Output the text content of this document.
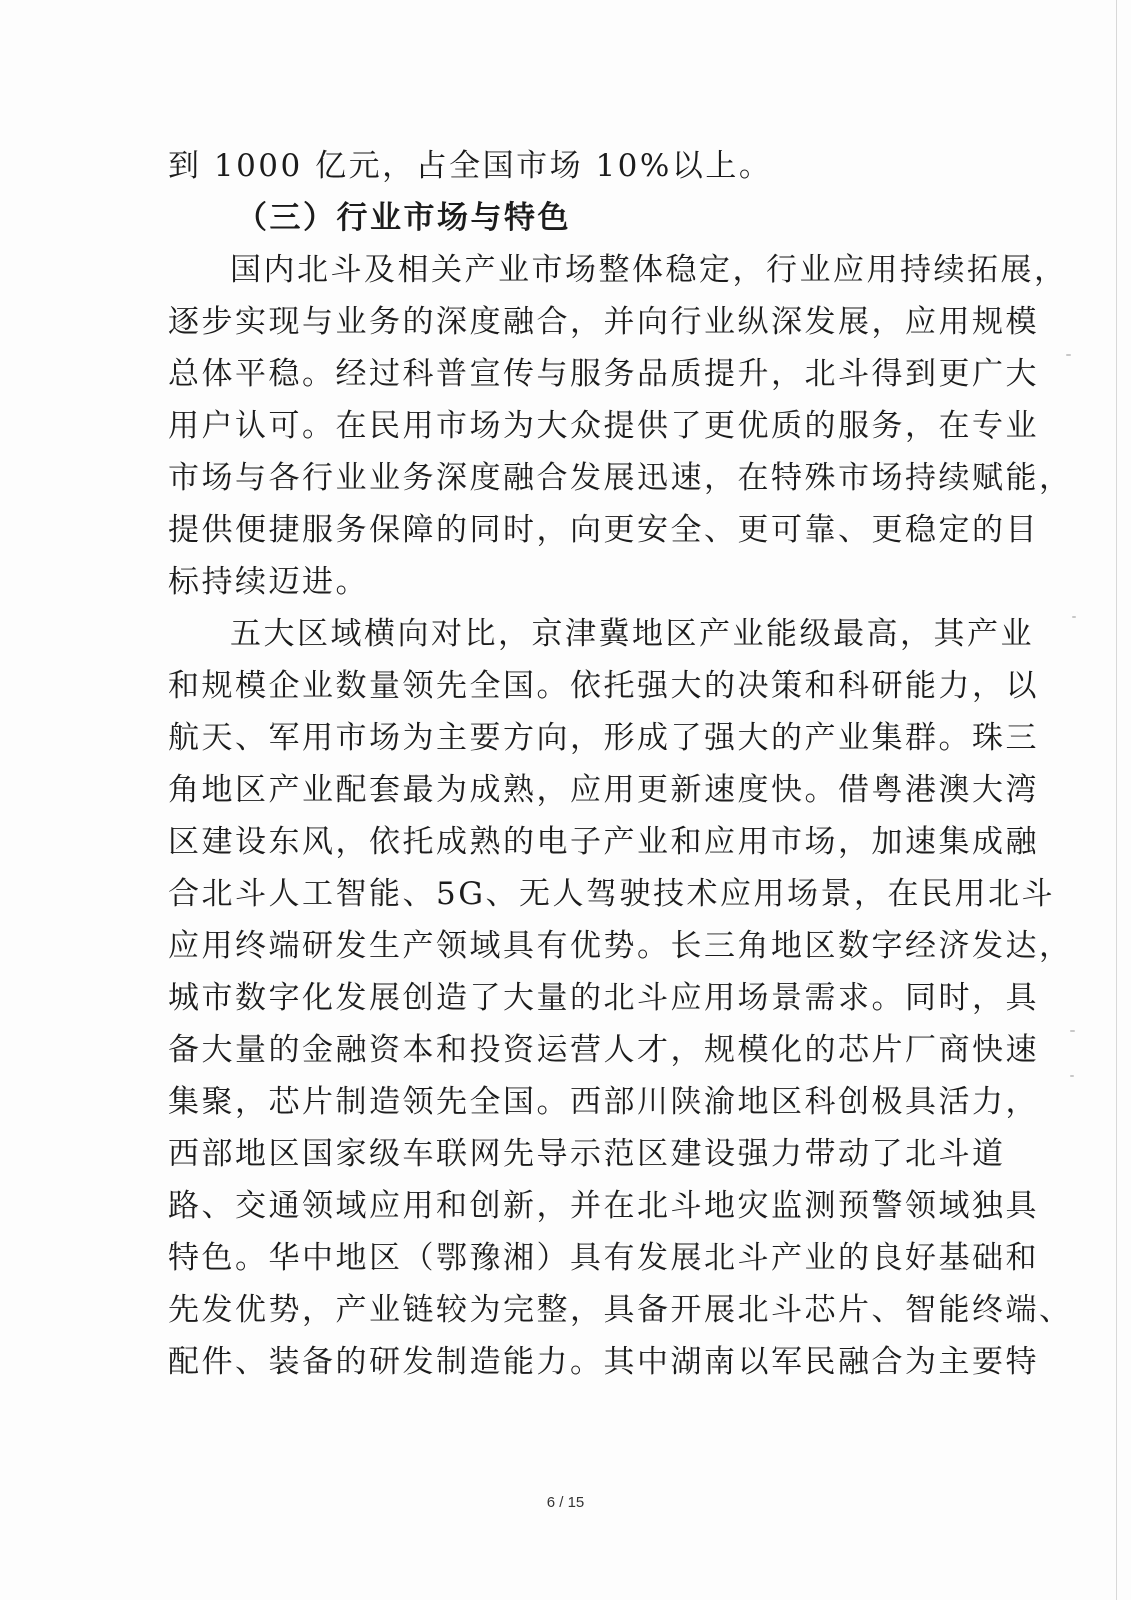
到 1000 亿元，占全国市场 10%以上。
（三）行业市场与特色
国内北斗及相关产业市场整体稳定，行业应用持续拓展，
逐步实现与业务的深度融合，并向行业纵深发展，应用规模
总体平稳。经过科普宣传与服务品质提升，北斗得到更广大
用户认可。在民用市场为大众提供了更优质的服务，在专业
市场与各行业业务深度融合发展迅速，在特殊市场持续赋能，
提供便捷服务保障的同时，向更安全、更可靠、更稳定的目
标持续迈进。
五大区域横向对比，京津冀地区产业能级最高，其产业
和规模企业数量领先全国。依托强大的决策和科研能力，以
航天、军用市场为主要方向，形成了强大的产业集群。珠三
角地区产业配套最为成熟，应用更新速度快。借粤港澳大湾
区建设东风，依托成熟的电子产业和应用市场，加速集成融
合北斗人工智能、5G、无人驾驶技术应用场景，在民用北斗
应用终端研发生产领域具有优势。长三角地区数字经济发达，
城市数字化发展创造了大量的北斗应用场景需求。同时，具
备大量的金融资本和投资运营人才，规模化的芯片厂商快速
集聚，芯片制造领先全国。西部川陕渝地区科创极具活力，
西部地区国家级车联网先导示范区建设强力带动了北斗道
路、交通领域应用和创新，并在北斗地灾监测预警领域独具
特色。华中地区（鄂豫湘）具有发展北斗产业的良好基础和
先发优势，产业链较为完整，具备开展北斗芯片、智能终端、
配件、装备的研发制造能力。其中湖南以军民融合为主要特
6 / 15
